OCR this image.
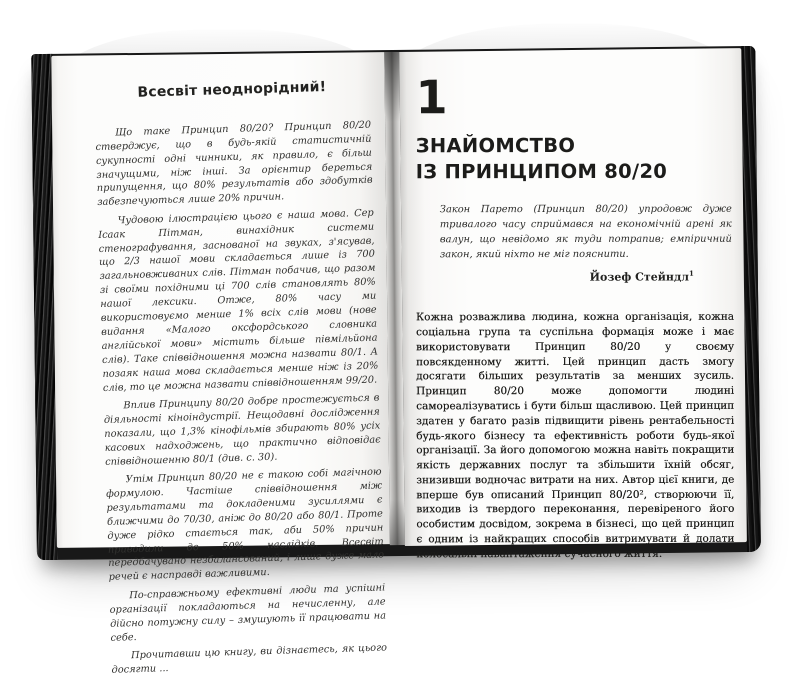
Всесвіт неоднорідний!

Що таке Принцип 80/20? Принцип 80/20 стверджує, що в будь-якій статистичній сукупності одні чинники, як правило, є більш значущими, ніж інші. За орієнтир береться припущення, що 80% результатів або здобутків забезпечуються лише 20% причин.

Чудовою ілюстрацією цього є наша мова. Сер Ісаак Пітман, винахідник системи стенографування, заснованої на звуках, з'ясував, що 2/3 нашої мови складається лише із 700 загальновживаних слів. Пітман побачив, що разом зі своїми похідними ці 700 слів становлять 80% нашої лексики. Отже, 80% часу ми використовуємо менше 1% всіх слів мови (нове видання «Малого оксфордського словника англійської мови» містить більше півмільйона слів). Таке співвідношення можна назвати 80/1. А позаяк наша мова складається менше ніж із 20% слів, то це можна назвати співвідношенням 99/20.

Вплив Принципу 80/20 добре простежується в діяльності кіноіндустрії. Нещодавні дослідження показали, що 1,3% кінофільмів збирають 80% усіх касових надходжень, що практично відповідає співвідношенню 80/1 (див. с. 30).

Утім Принцип 80/20 не є такою собі магічною формулою. Частіше співвідношення між результатами та докладеними зусиллями є ближчими до 70/30, аніж до 80/20 або 80/1. Проте дуже рідко стається так, аби 50% причин приводили до 50% наслідків. Всесвіт передбачувано незбалансований, і лише дуже мало речей є насправді важливими.

По-справжньому ефективні люди та успішні організації покладаються на нечисленну, але дійсно потужну силу – змушують її працювати на себе.

Прочитавши цю книгу, ви дізнаєтесь, як цього досягти ...

1
ЗНАЙОМСТВО
ІЗ ПРИНЦИПОМ 80/20
Закон Парето (Принцип 80/20) упродовж дуже тривалого часу сприймався на економічній арені як валун, що невідомо як туди потрапив; емпіричний закон, який ніхто не міг пояснити.
Йозеф Стейндл$^1$

Кожна розважлива людина, кожна організація, кожна соціальна група та суспільна формація може і має використовувати Принцип 80/20 у своєму повсякденному житті. Цей принцип дасть змогу досягати більших результатів за менших зусиль. Принцип 80/20 може допомогти людині самореалізуватись і бути більш щасливою. Цей принцип здатен у багато разів підвищити рівень рентабельності будь-якого бізнесу та ефективність роботи будь-якої організації. За його допомогою можна навіть покращити якість державних послуг та збільшити їхній обсяг, знизивши водночас витрати на них. Автор цієї книги, де вперше був описаний Принцип 80/20², створюючи її, виходив із твердого переконання, перевіреного його особистим досвідом, зокрема в бізнесі, що цей принцип є одним із найкращих способів витримувати й долати колосальні навантаження сучасного життя.
